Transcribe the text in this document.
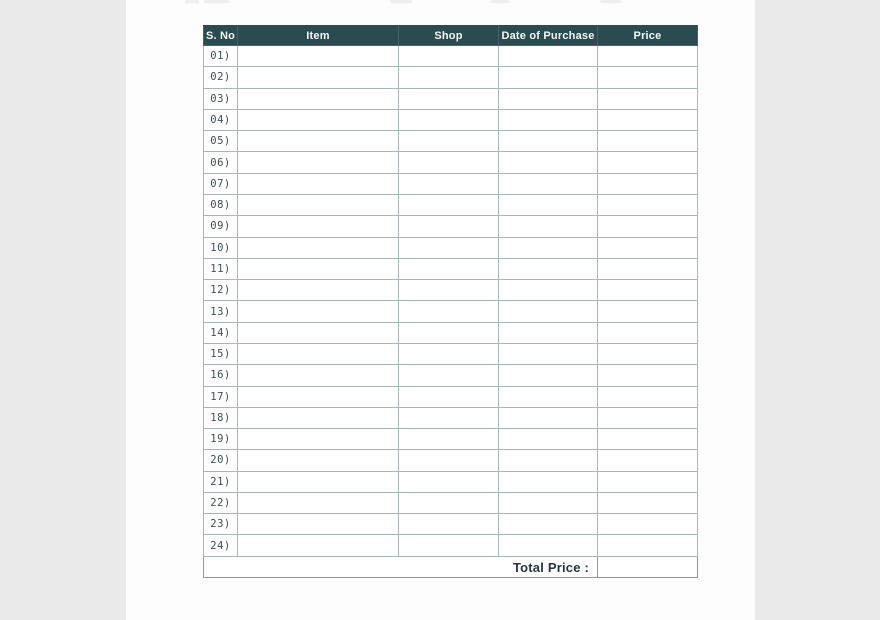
S. No	Item	Shop	Date of Purchase	Price
01)				
02)				
03)				
04)				
05)				
06)				
07)				
08)				
09)				
10)				
11)				
12)				
13)				
14)				
15)				
16)				
17)				
18)				
19)				
20)				
21)				
22)				
23)				
24)				
Total Price :				
